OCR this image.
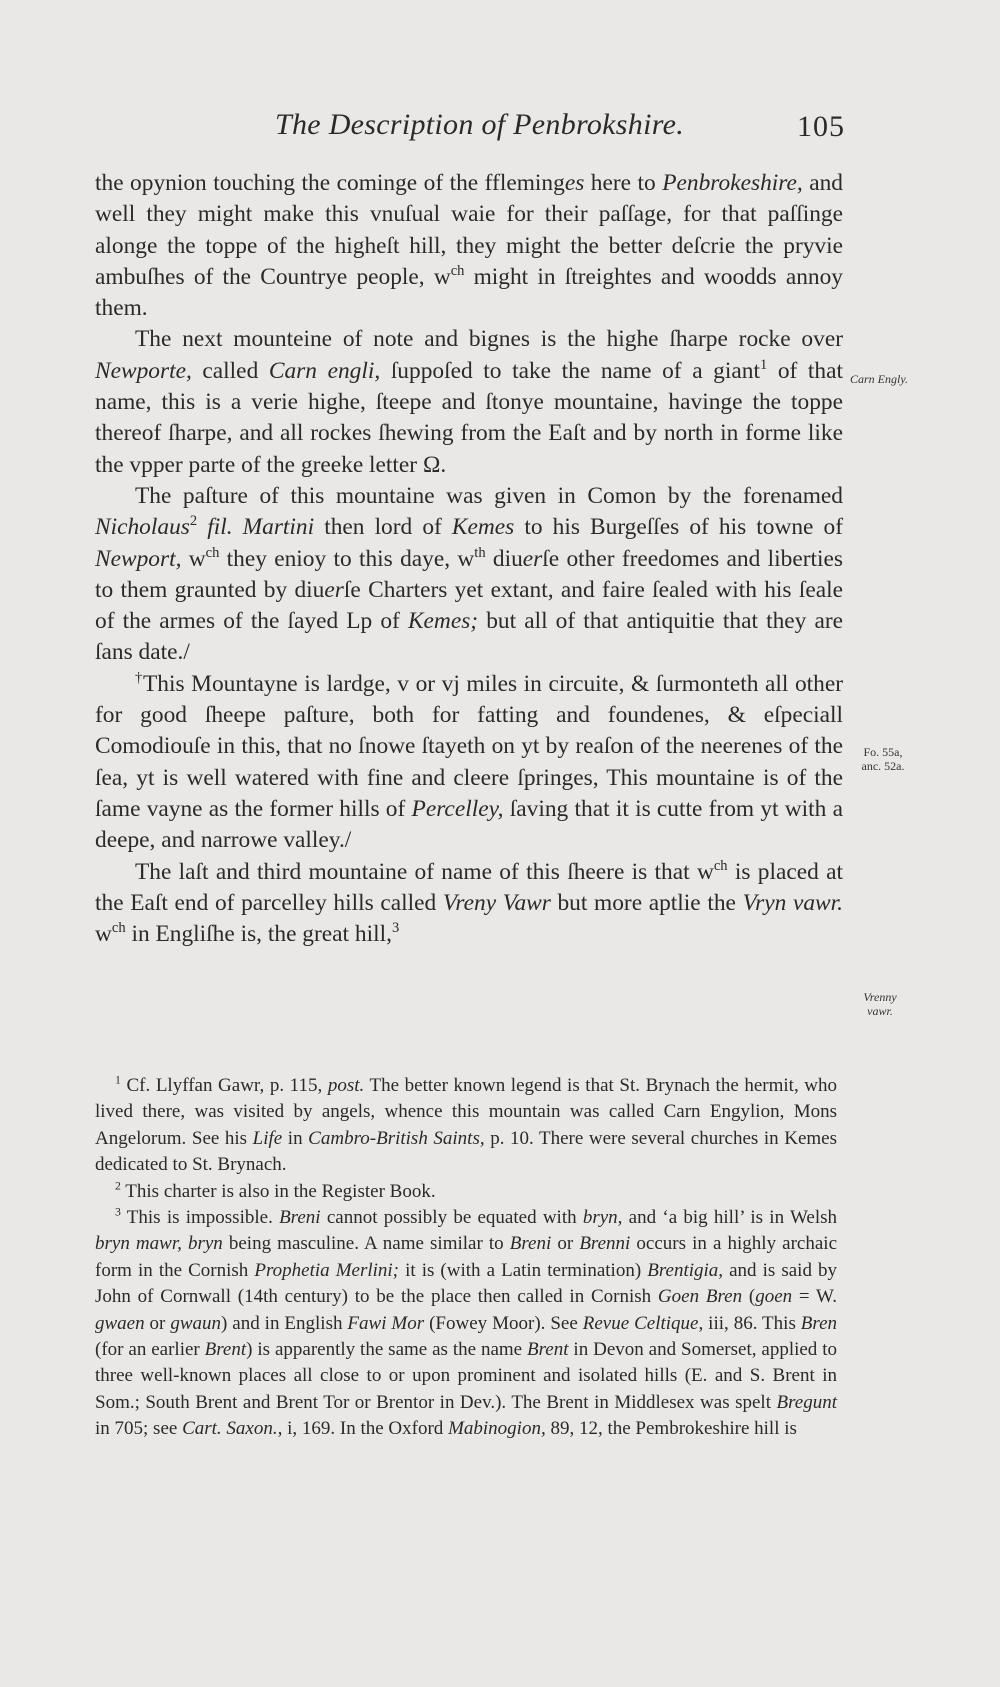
The Description of Penbrokshire.	105

the opynion touching the cominge of the ffleminges here to Penbrokeshire, and well they might make this vnuſual waie for their paſſage, for that paſſinge alonge the toppe of the higheſt hill, they might the better deſcrie the pryvie ambuſhes of the Countrye people, $w^{ch}$ might in ſtreightes and woodds annoy them.

The next mounteine of note and bignes is the highe ſharpe rocke over Newporte, called Carn engli, ſuppoſed to take the name of a giant$^1$ of that name, this is a verie highe, ſteepe and ſtonye mountaine, havinge the toppe thereof ſharpe, and all rockes ſhewing from the Eaſt and by north in forme like the vpper parte of the greeke letter Ω.

The paſture of this mountaine was given in Comon by the forenamed Nicholaus$^2$ fil. Martini then lord of Kemes to his Burgeſſes of his towne of Newport, $w^{ch}$ they enioy to this daye, $w^{th}$ diuerſe other freedomes and liberties to them graunted by diuerſe Charters yet extant, and faire ſealed with his ſeale of the armes of the ſayed Lp of Kemes; but all of that antiquitie that they are ſans date./

†This Mountayne is lardge, v or vj miles in circuite, & ſurmonteth all other for good ſheepe paſture, both for fatting and foundenes, & eſpeciall Comodiouſe in this, that no ſnowe ſtayeth on yt by reaſon of the neerenes of the ſea, yt is well watered with fine and cleere ſpringes, This mountaine is of the ſame vayne as the former hills of Percelley, ſaving that it is cutte from yt with a deepe, and narrowe valley./

The laſt and third mountaine of name of this ſheere is that $w^{ch}$ is placed at the Eaſt end of parcelley hills called Vreny Vawr but more aptlie the Vryn vawr. $w^{ch}$ in Engliſhe is, the great hill,$^3$

Carn Engly.
Fo. 55a,
anc. 52a.
Vrenny
vawr.

$^1$ Cf. Llyffan Gawr, p. 115, post. The better known legend is that St. Brynach the hermit, who lived there, was visited by angels, whence this mountain was called Carn Engylion, Mons Angelorum. See his Life in Cambro-British Saints, p. 10. There were several churches in Kemes dedicated to St. Brynach.

$^2$ This charter is also in the Register Book.

$^3$ This is impossible. Breni cannot possibly be equated with bryn, and ‘a big hill’ is in Welsh bryn mawr, bryn being masculine. A name similar to Breni or Brenni occurs in a highly archaic form in the Cornish Prophetia Merlini; it is (with a Latin termination) Brentigia, and is said by John of Cornwall (14th century) to be the place then called in Cornish Goen Bren (goen = W. gwaen or gwaun) and in English Fawi Mor (Fowey Moor). See Revue Celtique, iii, 86. This Bren (for an earlier Brent) is apparently the same as the name Brent in Devon and Somerset, applied to three well-known places all close to or upon prominent and isolated hills (E. and S. Brent in Som.; South Brent and Brent Tor or Brentor in Dev.). The Brent in Middlesex was spelt Bregunt in 705; see Cart. Saxon., i, 169. In the Oxford Mabinogion, 89, 12, the Pembrokeshire hill is
